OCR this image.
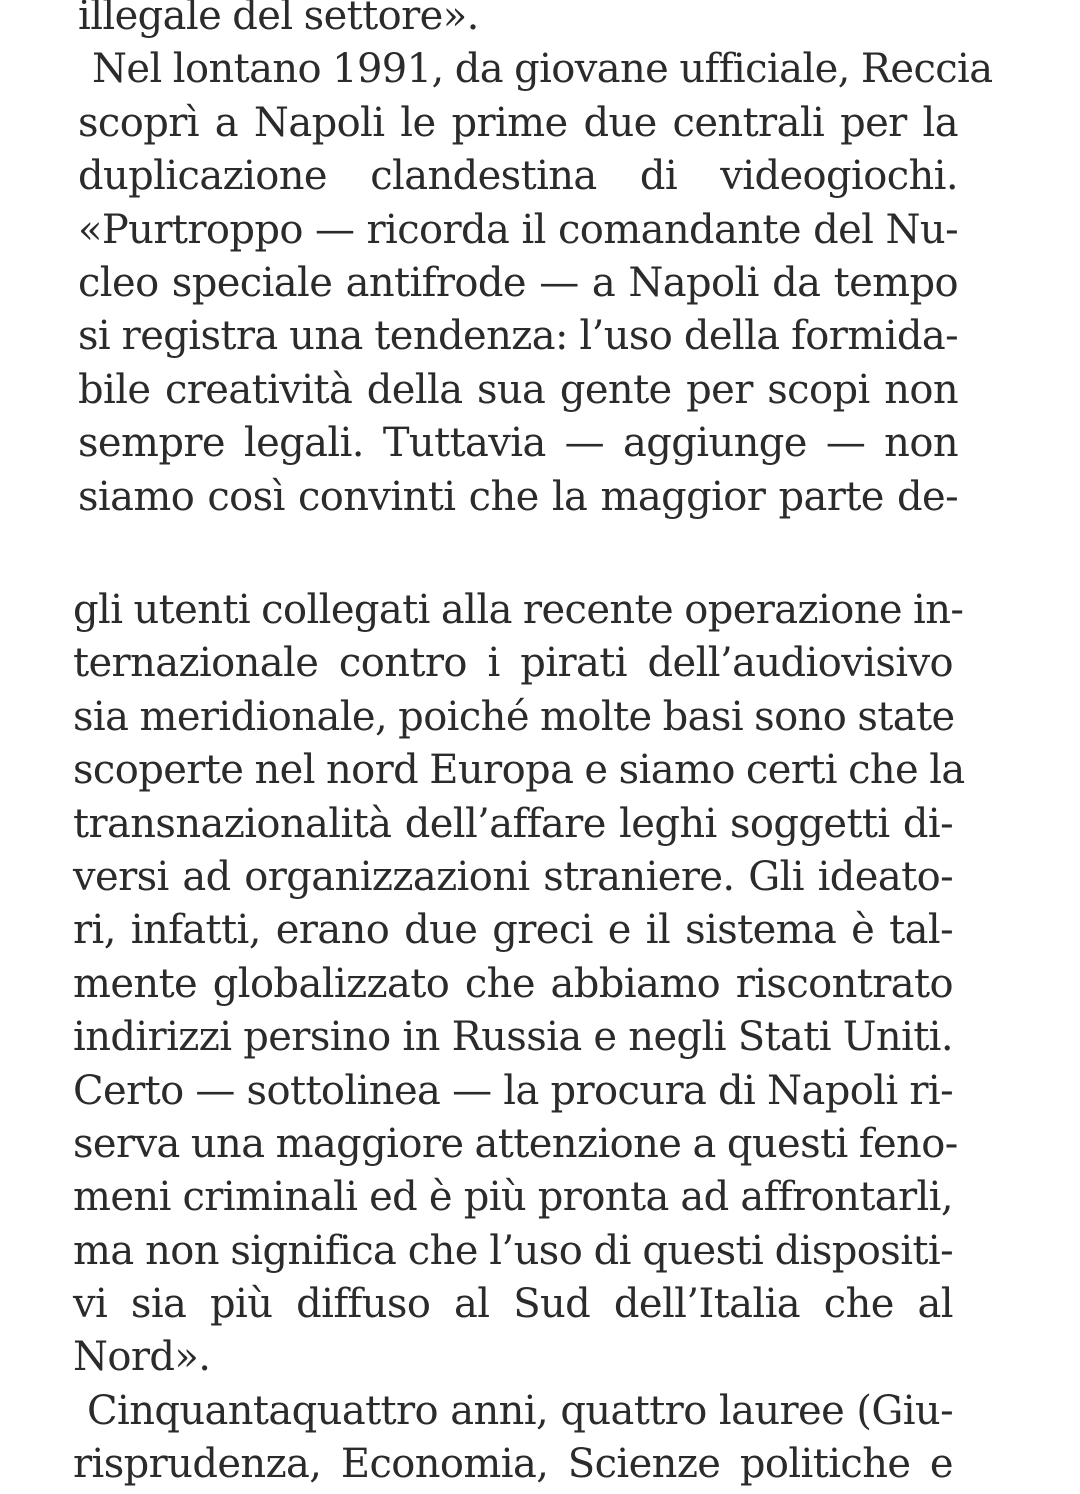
illegale del settore».
Nel lontano 1991, da giovane ufficiale, Reccia
scoprì a Napoli le prime due centrali per la
duplicazione clandestina di videogiochi.
«Purtroppo — ricorda il comandante del Nu-
cleo speciale antifrode — a Napoli da tempo
si registra una tendenza: l’uso della formida-
bile creatività della sua gente per scopi non
sempre legali. Tuttavia — aggiunge — non
siamo così convinti che la maggior parte de-
gli utenti collegati alla recente operazione in-
ternazionale contro i pirati dell’audiovisivo
sia meridionale, poiché molte basi sono state
scoperte nel nord Europa e siamo certi che la
transnazionalità dell’affare leghi soggetti di-
versi ad organizzazioni straniere. Gli ideato-
ri, infatti, erano due greci e il sistema è tal-
mente globalizzato che abbiamo riscontrato
indirizzi persino in Russia e negli Stati Uniti.
Certo — sottolinea — la procura di Napoli ri-
serva una maggiore attenzione a questi feno-
meni criminali ed è più pronta ad affrontarli,
ma non significa che l’uso di questi dispositi-
vi sia più diffuso al Sud dell’Italia che al
Nord».
Cinquantaquattro anni, quattro lauree (Giu-
risprudenza, Economia, Scienze politiche e
